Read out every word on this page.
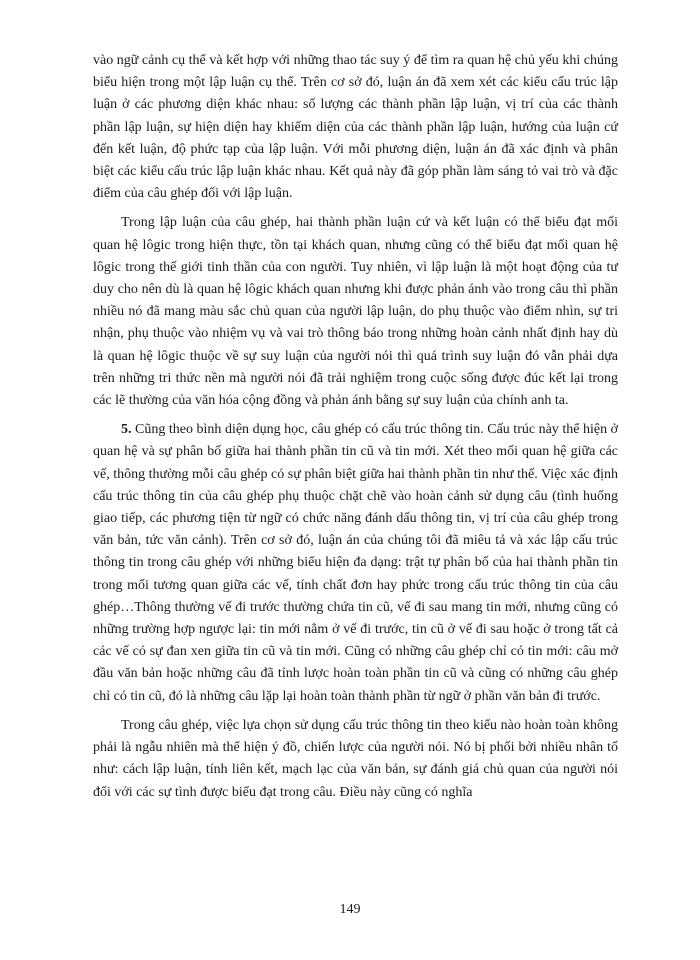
vào ngữ cảnh cụ thể và kết hợp với những thao tác suy ý để tìm ra quan hệ chủ yếu khi chúng biểu hiện trong một lập luận cụ thể. Trên cơ sở đó, luận án đã xem xét các kiểu cấu trúc lập luận ở các phương diện khác nhau: số lượng các thành phần lập luận, vị trí của các thành phần lập luận, sự hiện diện hay khiếm diện của các thành phần lập luận, hướng của luận cứ đến kết luận, độ phức tạp của lập luận. Với mỗi phương diện, luận án đã xác định và phân biệt các kiểu cấu trúc lập luận khác nhau. Kết quả này đã góp phần làm sáng tỏ vai trò và đặc điểm của câu ghép đối với lập luận.

Trong lập luận của câu ghép, hai thành phần luận cứ và kết luận có thể biểu đạt mối quan hệ lôgic trong hiện thực, tồn tại khách quan, nhưng cũng có thể biểu đạt mối quan hệ lôgic trong thế giới tinh thần của con người. Tuy nhiên, vì lập luận là một hoạt động của tư duy cho nên dù là quan hệ lôgic khách quan nhưng khi được phản ánh vào trong câu thì phần nhiều nó đã mang màu sắc chủ quan của người lập luận, do phụ thuộc vào điểm nhìn, sự tri nhận, phụ thuộc vào nhiệm vụ và vai trò thông báo trong những hoàn cảnh nhất định hay dù là quan hệ lôgic thuộc về sự suy luận của người nói thì quá trình suy luận đó vẫn phải dựa trên những tri thức nền mà người nói đã trải nghiệm trong cuộc sống được đúc kết lại trong các lẽ thường của văn hóa cộng đồng và phản ánh bằng sự suy luận của chính anh ta.

5. Cũng theo bình diện dụng học, câu ghép có cấu trúc thông tin. Cấu trúc này thể hiện ở quan hệ và sự phân bố giữa hai thành phần tin cũ và tin mới. Xét theo mối quan hệ giữa các vế, thông thường mỗi câu ghép có sự phân biệt giữa hai thành phần tin như thế. Việc xác định cấu trúc thông tin của câu ghép phụ thuộc chặt chẽ vào hoàn cảnh sử dụng câu (tình huống giao tiếp, các phương tiện từ ngữ có chức năng đánh dấu thông tin, vị trí của câu ghép trong văn bản, tức văn cảnh). Trên cơ sở đó, luận án của chúng tôi đã miêu tả và xác lập cấu trúc thông tin trong câu ghép với những biểu hiện đa dạng: trật tự phân bố của hai thành phần tin trong mối tương quan giữa các vế, tính chất đơn hay phức trong cấu trúc thông tin của câu ghép…Thông thường vế đi trước thường chứa tin cũ, vế đi sau mang tin mới, nhưng cũng có những trường hợp ngược lại: tin mới nằm ở vế đi trước, tin cũ ở vế đi sau hoặc ở trong tất cả các vế có sự đan xen giữa tin cũ và tin mới. Cũng có những câu ghép chỉ có tin mới: câu mở đầu văn bản hoặc những câu đã tỉnh lược hoàn toàn phần tin cũ và cũng có những câu ghép chỉ có tin cũ, đó là những câu lặp lại hoàn toàn thành phần từ ngữ ở phần văn bản đi trước.

Trong câu ghép, việc lựa chọn sử dụng cấu trúc thông tin theo kiểu nào hoàn toàn không phải là ngẫu nhiên mà thể hiện ý đồ, chiến lược của người nói. Nó bị phối bởi nhiều nhân tố như: cách lập luận, tính liên kết, mạch lạc của văn bản, sự đánh giá chủ quan của người nói đối với các sự tình được biểu đạt trong câu. Điều này cũng có nghĩa

149
